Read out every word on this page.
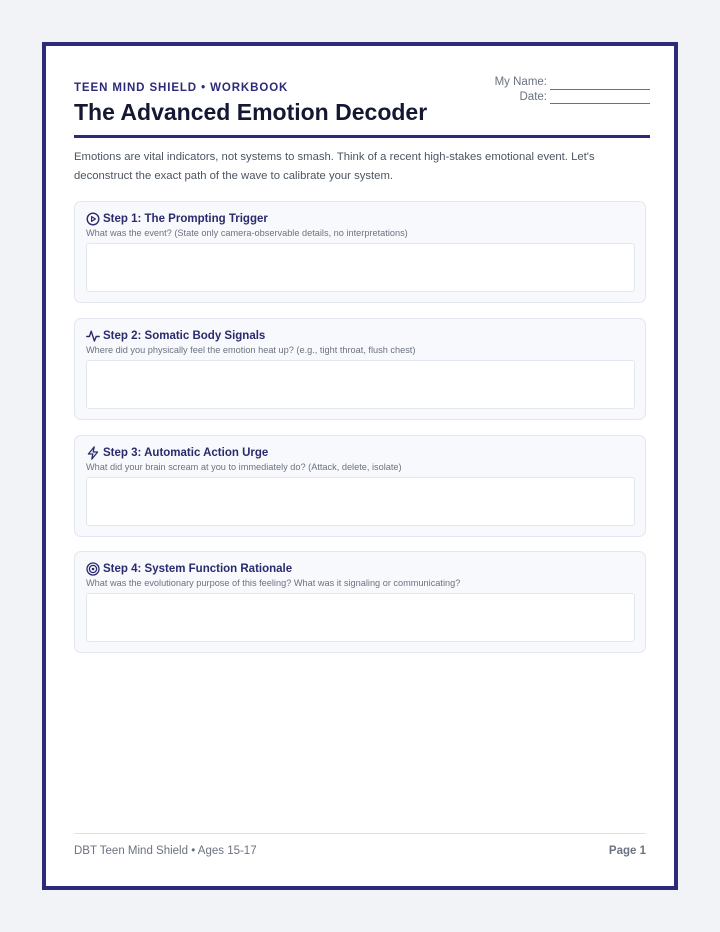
TEEN MIND SHIELD • WORKBOOK
The Advanced Emotion Decoder
My Name:
Date:

Emotions are vital indicators, not systems to smash. Think of a recent high-stakes emotional event. Let's deconstruct the exact path of the wave to calibrate your system.

Step 1: The Prompting Trigger
What was the event? (State only camera-observable details, no interpretations)
Step 2: Somatic Body Signals
Where did you physically feel the emotion heat up? (e.g., tight throat, flush chest)
Step 3: Automatic Action Urge
What did your brain scream at you to immediately do? (Attack, delete, isolate)
Step 4: System Function Rationale
What was the evolutionary purpose of this feeling? What was it signaling or communicating?
DBT Teen Mind Shield • Ages 15-17	Page 1
